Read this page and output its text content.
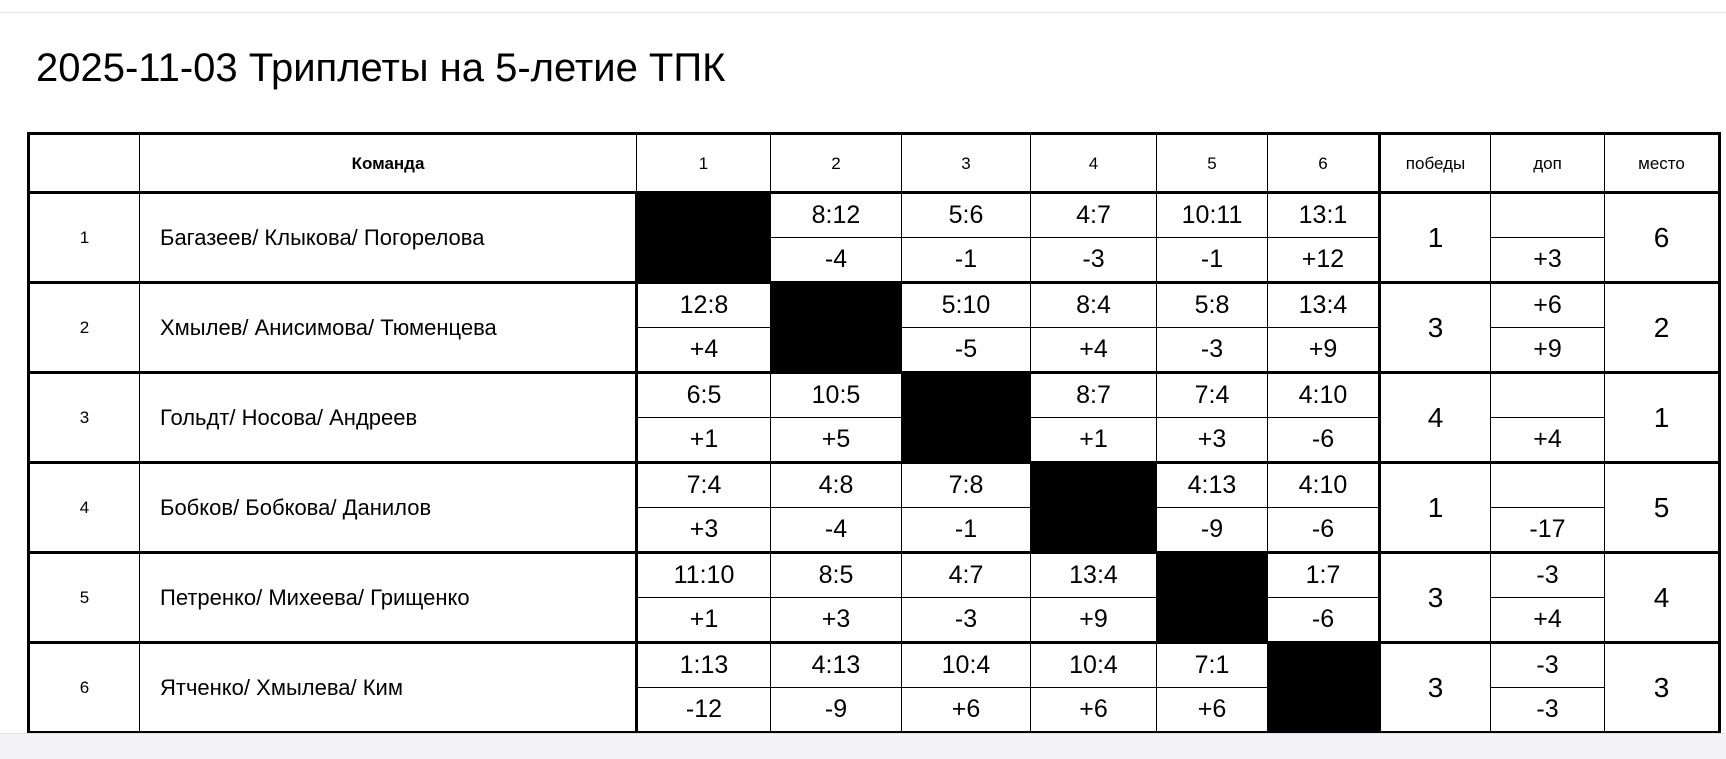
2025-11-03 Триплеты на 5-летие ТПК
	Команда	1	2	3	4	5	6	победы	доп	место
1	Багазеев/ Клыкова/ Погорелова		8:12	5:6	4:7	10:11	13:1	1		6
			-4	-1	-3	-1	+12		+3	
2	Хмылев/ Анисимова/ Тюменцева	12:8		5:10	8:4	5:8	13:4	3	+6	2
		+4		-5	+4	-3	+9		+9	
3	Гольдт/ Носова/ Андреев	6:5	10:5		8:7	7:4	4:10	4		1
		+1	+5		+1	+3	-6		+4	
4	Бобков/ Бобкова/ Данилов	7:4	4:8	7:8		4:13	4:10	1		5
		+3	-4	-1		-9	-6		-17	
5	Петренко/ Михеева/ Грищенко	11:10	8:5	4:7	13:4		1:7	3	-3	4
		+1	+3	-3	+9		-6		+4	
6	Ятченко/ Хмылева/ Ким	1:13	4:13	10:4	10:4	7:1		3	-3	3
		-12	-9	+6	+6	+6			-3	
